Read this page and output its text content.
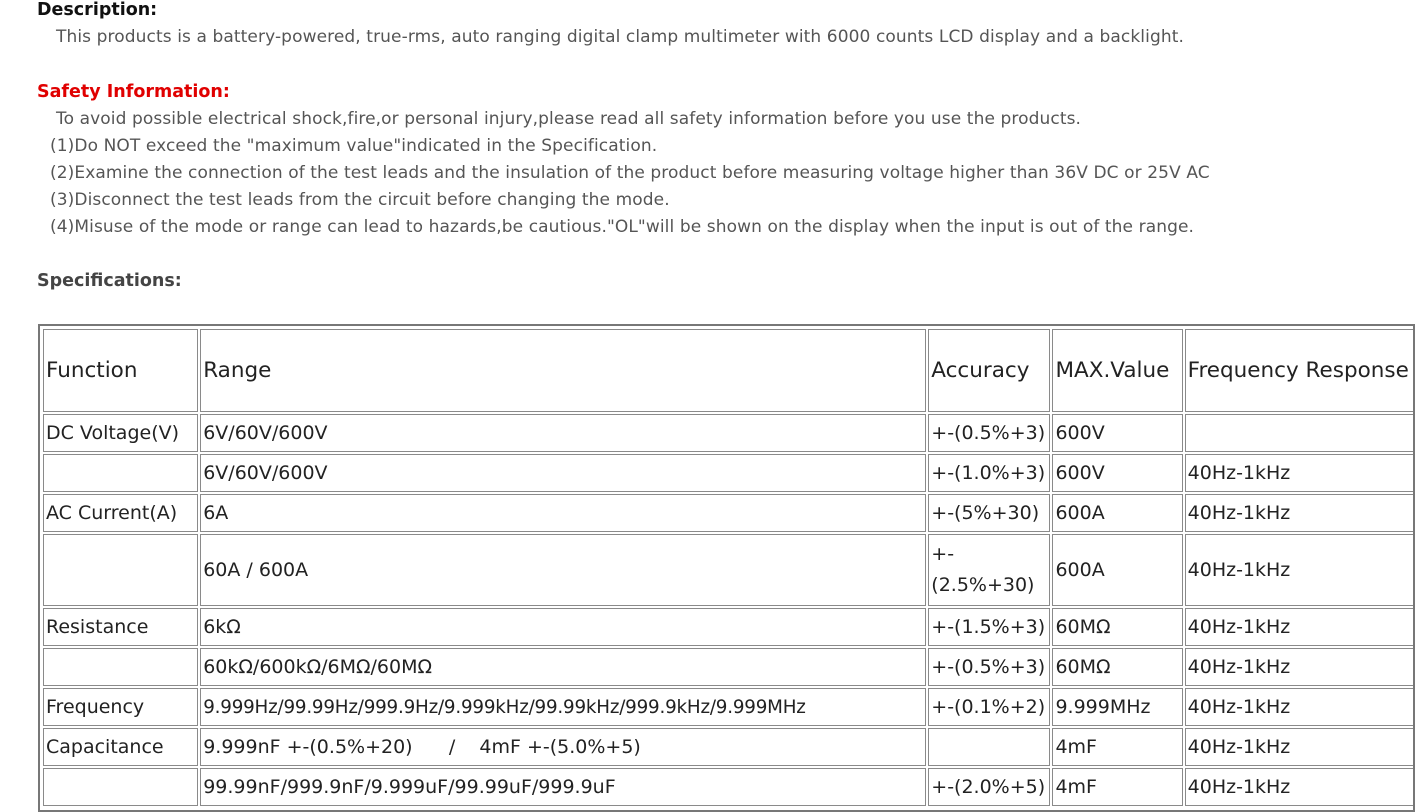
Description:
This products is a battery-powered, true-rms, auto ranging digital clamp multimeter with 6000 counts LCD display and a backlight.
Safety Information:
To avoid possible electrical shock,fire,or personal injury,please read all safety information before you use the products.
(1)Do NOT exceed the "maximum value"indicated in the Specification.
(2)Examine the connection of the test leads and the insulation of the product before measuring voltage higher than 36V DC or 25V AC
(3)Disconnect the test leads from the circuit before changing the mode.
(4)Misuse of the mode or range can lead to hazards,be cautious."OL"will be shown on the display when the input is out of the range.
Specifications:
Function	Range	Accuracy	MAX.Value	Frequency Response
DC Voltage(V)	6V/60V/600V	+-(0.5%+3)	600V	
	6V/60V/600V	+-(1.0%+3)	600V	40Hz-1kHz
AC Current(A)	6A	+-(5%+30)	600A	40Hz-1kHz
	60A / 600A	+-
(2.5%+30)	600A	40Hz-1kHz
Resistance	6kΩ	+-(1.5%+3)	60MΩ	40Hz-1kHz
	60kΩ/600kΩ/6MΩ/60MΩ	+-(0.5%+3)	60MΩ	40Hz-1kHz
Frequency	9.999Hz/99.99Hz/999.9Hz/9.999kHz/99.99kHz/999.9kHz/9.999MHz	+-(0.1%+2)	9.999MHz	40Hz-1kHz
Capacitance	9.999nF +-(0.5%+20)      /    4mF +-(5.0%+5)		4mF	40Hz-1kHz
	99.99nF/999.9nF/9.999uF/99.99uF/999.9uF	+-(2.0%+5)	4mF	40Hz-1kHz
